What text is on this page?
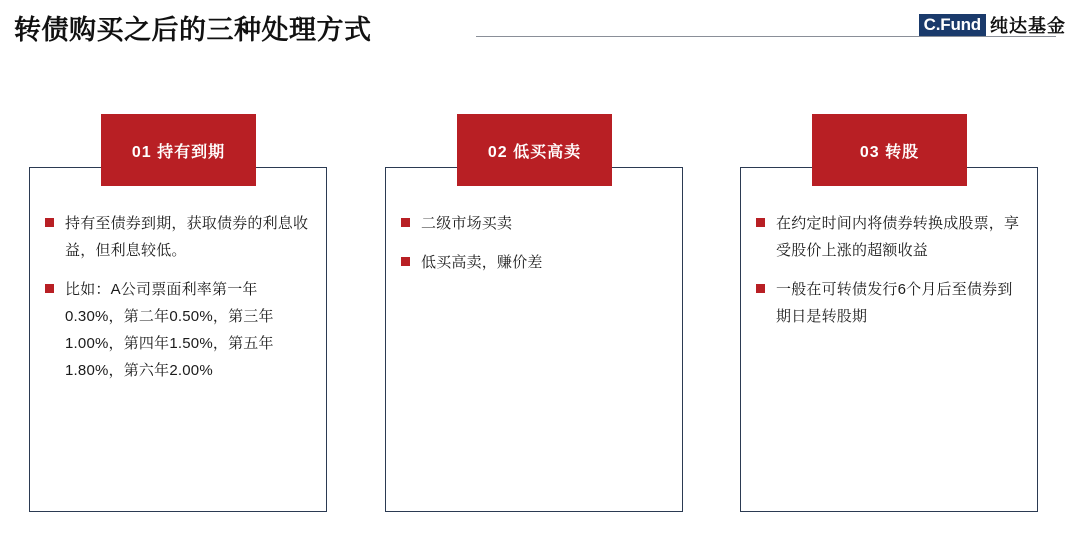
转债购买之后的三种处理方式	C.Fund 纯达基金
01 持有到期
持有至债券到期，获取债券的利息收益，但利息较低。
比如：A公司票面利率第一年0.30%，第二年0.50%，第三年1.00%，第四年1.50%，第五年1.80%，第六年2.00%
02 低买高卖
二级市场买卖
低买高卖，赚价差
03 转股
在约定时间内将债券转换成股票，享受股价上涨的超额收益
一般在可转债发行6个月后至债券到期日是转股期
